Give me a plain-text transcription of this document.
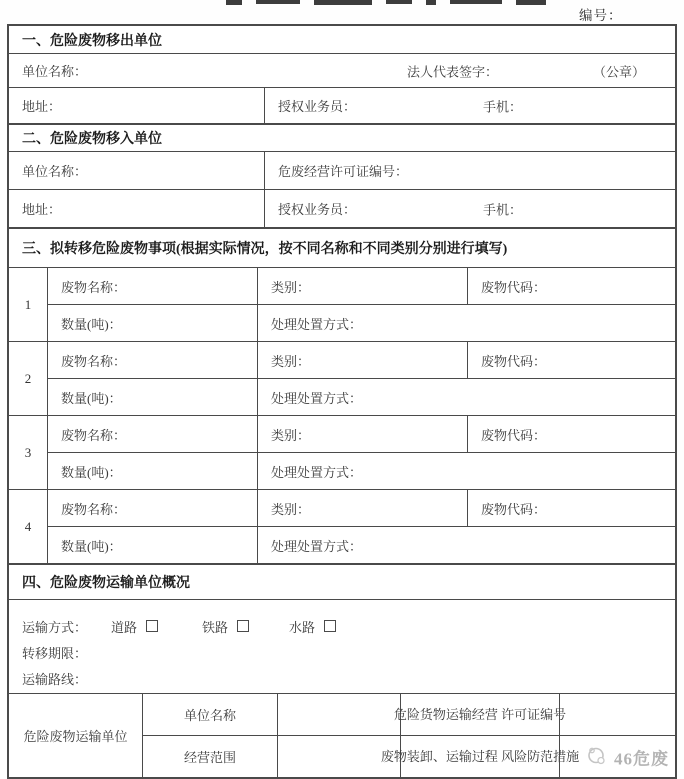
编号：
一、危险废物移出单位
单位名称：	法人代表签字：	（公章）
地址：	授权业务员：	手机：
二、危险废物移入单位
单位名称：	危废经营许可证编号：
地址：	授权业务员：	手机：
三、拟转移危险废物事项(根据实际情况，按不同名称和不同类别分别进行填写)
1
废物名称：	类别：	废物代码：
数量(吨)：	处理处置方式：
2
废物名称：	类别：	废物代码：
数量(吨)：	处理处置方式：
3
废物名称：	类别：	废物代码：
数量(吨)：	处理处置方式：
4
废物名称：	类别：	废物代码：
数量(吨)：	处理处置方式：
四、危险废物运输单位概况
运输方式： 道路	铁路	水路
转移期限：
运输路线：
危险废物运输单位
单位名称	危险货物运输经营 许可证编号
经营范围	废物装卸、运输过程 风险防范措施 46危废
